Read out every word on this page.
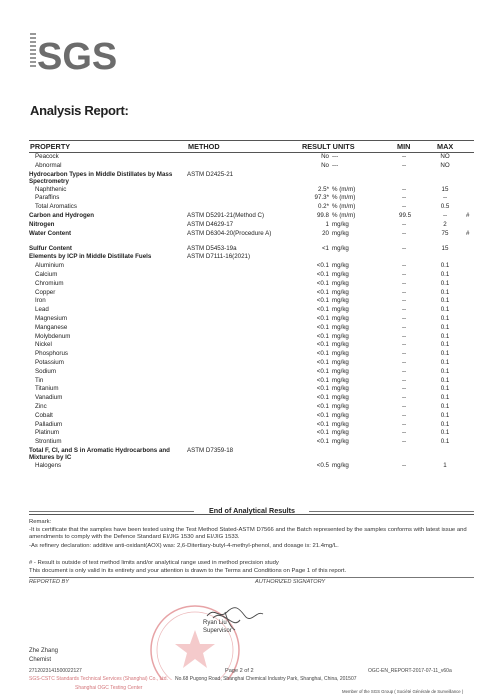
SGS
Analysis Report:
PROPERTY	METHOD	RESULT UNITS	MIN	MAX
Peacock	No ---	--	NO
Abnormal	No ---	--	NO
Hydrocarbon Types in Middle Distillates by Mass Spectrometry
ASTM D2425-21
Naphthenic	2.5* % (m/m)	--	15
Paraffins	97.3* % (m/m)	--	--
Total Aromatics	0.2* % (m/m)	--	0.5
Carbon and Hydrogen	ASTM D5291-21(Method C)	99.8 % (m/m)	99.5	--	#
Nitrogen	ASTM D4629-17	1 mg/kg	--	2
Water Content	ASTM D6304-20(Procedure A)	20 mg/kg	--	75	#
Sulfur Content	ASTM D5453-19a	<1 mg/kg	--	15
Elements by ICP in Middle Distillate Fuels	ASTM D7111-16(2021)
Aluminium	<0.1 mg/kg	--	0.1
Calcium	<0.1 mg/kg	--	0.1
Chromium	<0.1 mg/kg	--	0.1
Copper	<0.1 mg/kg	--	0.1
Iron	<0.1 mg/kg	--	0.1
Lead	<0.1 mg/kg	--	0.1
Magnesium	<0.1 mg/kg	--	0.1
Manganese	<0.1 mg/kg	--	0.1
Molybdenum	<0.1 mg/kg	--	0.1
Nickel	<0.1 mg/kg	--	0.1
Phosphorus	<0.1 mg/kg	--	0.1
Potassium	<0.1 mg/kg	--	0.1
Sodium	<0.1 mg/kg	--	0.1
Tin	<0.1 mg/kg	--	0.1
Titanium	<0.1 mg/kg	--	0.1
Vanadium	<0.1 mg/kg	--	0.1
Zinc	<0.1 mg/kg	--	0.1
Cobalt	<0.1 mg/kg	--	0.1
Palladium	<0.1 mg/kg	--	0.1
Platinum	<0.1 mg/kg	--	0.1
Strontium	<0.1 mg/kg	--	0.1
Total F, Cl, and S in Aromatic Hydrocarbons and Mixtures by IC
ASTM D7359-18
Halogens	<0.5 mg/kg	--	1
End of Analytical Results
Remark:
-It is certificate that the samples have been tested using the Test Method Stated-ASTM D7566 and the Batch represented by the samples conforms with latest issue and amendments to comply with the Defence Standard EI/JIG 1530 and EI/JIG 1533.
-As refinery declaration: additive anti-oxidant(AOX) was: 2,6-Ditertiary-butyl-4-methyl-phenol, and dosage is: 21.4mg/L.
# - Result is outside of test method limits and/or analytical range used in method precision study
This document is only valid in its entirety and your attention is drawn to the Terms and Conditions on Page 1 of this report.
REPORTED BY	AUTHORIZED SIGNATORY
Zhe Zhang
Chemist
Ryan Liu
Supervisor
2712023141500022127	Page 2 of 2	OGC-EN_REPORT-2017-07-11_v60a
SGS-CSTC Standards Technical Services (Shanghai) Co., Ltd. No.68 Pugong Road, Shanghai Chemical Industry Park, Shanghai, China, 201507
Shanghai OGC Testing Center
Member of the SGS Group ( Société Générale de Surveillance )
